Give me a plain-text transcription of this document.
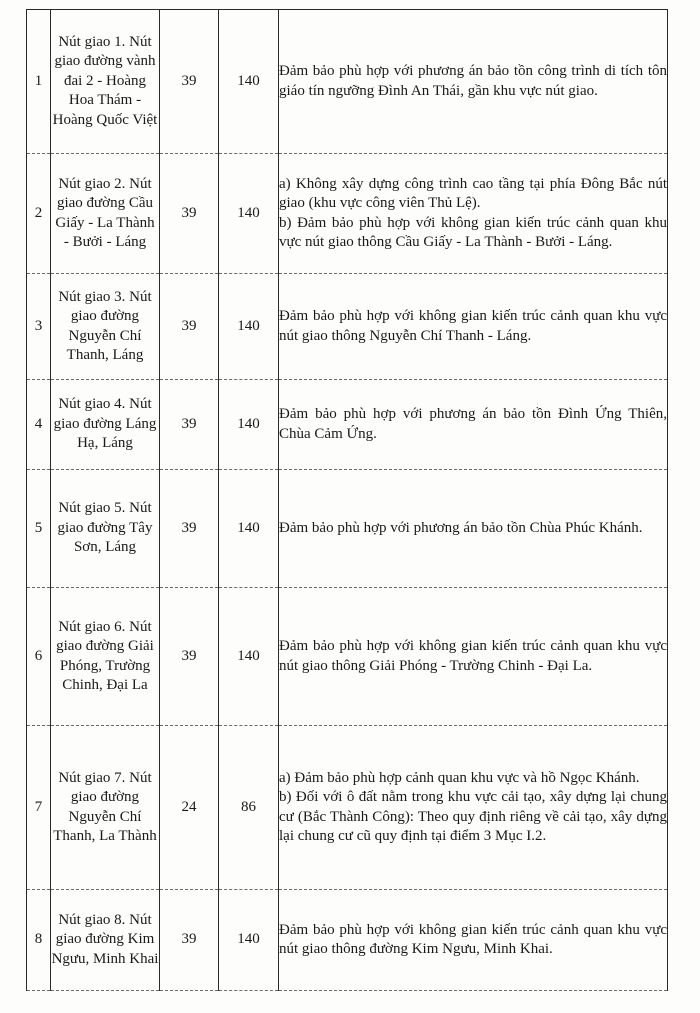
1	Nút giao 1. Nút giao đường vành đai 2 - Hoàng Hoa Thám - Hoàng Quốc Việt	39	140	Đảm bảo phù hợp với phương án bảo tồn công trình di tích tôn giáo tín ngưỡng Đình An Thái, gần khu vực nút giao.

2	Nút giao 2. Nút giao đường Cầu Giấy - La Thành - Bưởi - Láng	39	140	a) Không xây dựng công trình cao tầng tại phía Đông Bắc nút giao (khu vực công viên Thủ Lệ).

b) Đảm bảo phù hợp với không gian kiến trúc cảnh quan khu vực nút giao thông Cầu Giấy - La Thành - Bưởi - Láng.

3	Nút giao 3. Nút giao đường Nguyễn Chí Thanh, Láng	39	140	Đảm bảo phù hợp với không gian kiến trúc cảnh quan khu vực nút giao thông Nguyễn Chí Thanh - Láng.

4	Nút giao 4. Nút giao đường Láng Hạ, Láng	39	140	Đảm bảo phù hợp với phương án bảo tồn Đình Ứng Thiên, Chùa Cảm Ứng.

5	Nút giao 5. Nút giao đường Tây Sơn, Láng	39	140	Đảm bảo phù hợp với phương án bảo tồn Chùa Phúc Khánh.

6	Nút giao 6. Nút giao đường Giải Phóng, Trường Chinh, Đại La	39	140	Đảm bảo phù hợp với không gian kiến trúc cảnh quan khu vực nút giao thông Giải Phóng - Trường Chinh - Đại La.

7	Nút giao 7. Nút giao đường Nguyễn Chí Thanh, La Thành	24	86	a) Đảm bảo phù hợp cảnh quan khu vực và hồ Ngọc Khánh.

b) Đối với ô đất nằm trong khu vực cải tạo, xây dựng lại chung cư (Bắc Thành Công): Theo quy định riêng về cải tạo, xây dựng lại chung cư cũ quy định tại điểm 3 Mục I.2.

8	Nút giao 8. Nút giao đường Kim Ngưu, Minh Khai	39	140	Đảm bảo phù hợp với không gian kiến trúc cảnh quan khu vực nút giao thông đường Kim Ngưu, Minh Khai.
